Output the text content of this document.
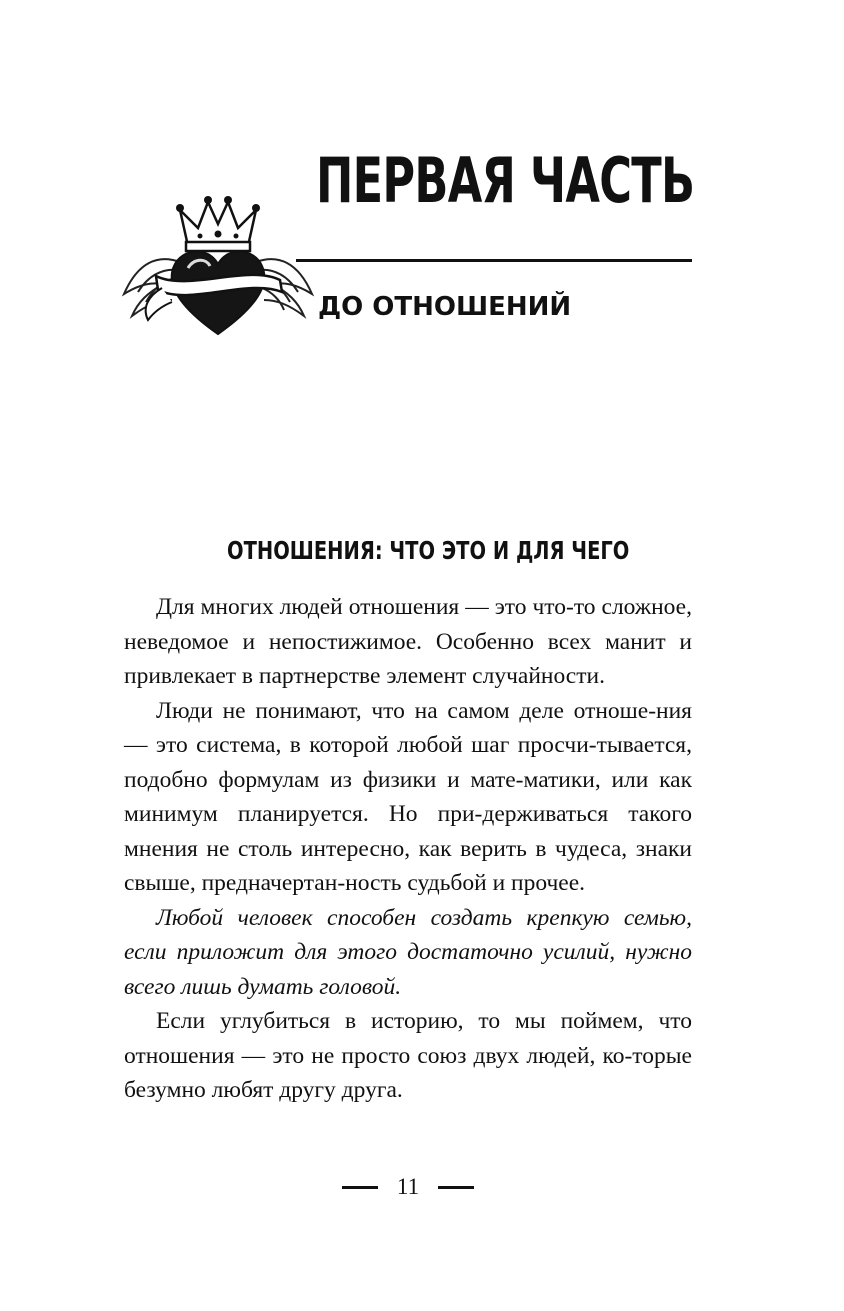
ПЕРВАЯ ЧАСТЬ
ДО ОТНОШЕНИЙ
ОТНОШЕНИЯ: ЧТО ЭТО И ДЛЯ ЧЕГО

Для многих людей отношения — это что-то сложное, неведомое и непостижимое. Особенно всех манит и привлекает в партнерстве элемент случайности.

Люди не понимают, что на самом деле отноше-ния — это система, в которой любой шаг просчи-тывается, подобно формулам из физики и мате-матики, или как минимум планируется. Но при-держиваться такого мнения не столь интересно, как верить в чудеса, знаки свыше, предначертан-ность судьбой и прочее.

Любой человек способен создать крепкую семью, если приложит для этого достаточно усилий, нужно всего лишь думать головой.

Если углубиться в историю, то мы поймем, что отношения — это не просто союз двух людей, ко-торые безумно любят другу друга.

11
